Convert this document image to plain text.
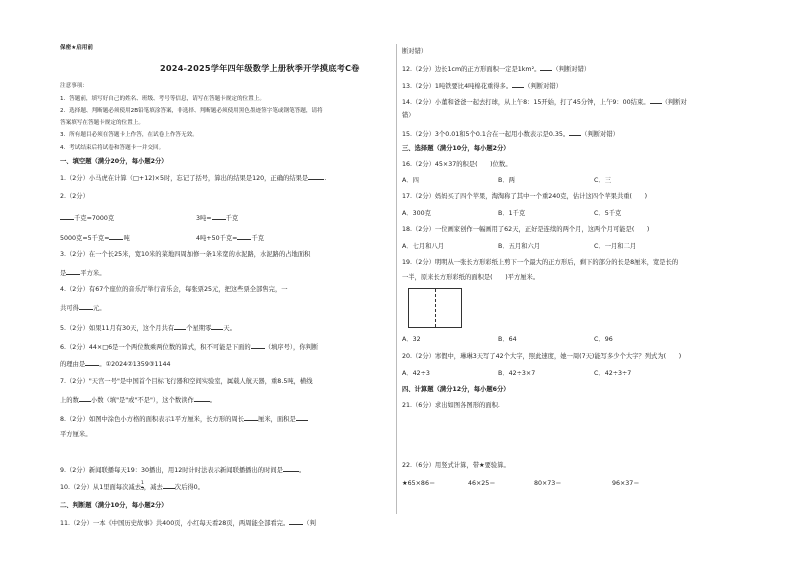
保密★启用前
2024-2025学年四年级数学上册秋季开学摸底考C卷
注意事项：
1．答题前，填写好自己的姓名、班级、考号等信息，请写在答题卡规定的位置上。
2．选择题、判断题必须使用2B铅笔填涂答案，非选择、判断题必须使用黑色墨迹签字笔或钢笔答题，请将
答案填写在答题卡规定的位置上。
3．所有题目必须在答题卡上作答，在试卷上作答无效。
4．考试结束后将试卷和答题卡一并交回。
一、填空题（满分20分，每小题2分）
1.（2分）小马虎在计算（□+12)×5时，忘记了括号，算出的结果是120，正确的结果是	.
2.（2分）
千克=7000克	3吨= 千克
5000克=5千克= 吨	4吨+50千克= 千克
3.（2分）在一个长25米，宽10米的菜地四周加修一条1米宽的水泥路，水泥路的占地面积
是 平方米。
4.（2分）有67个座位的音乐厅举行音乐会，每张票25元，把这些票全部售完，一
共可得 元。
5.（2分）如果11月有30天，这个月共有 个星期零 天。
6.（2分）44×□6是一个两位数乘两位数的算式，积不可能是下面的 （填序号），你判断
的理由是 。①2024②1359③1144
7.（2分）"天宫一号"是中国首个目标飞行器和空间实验室，属载人航天器，重8.5吨，横线
上的数 小数（填"是"或"不是"），这个数读作	。
8.（2分）如图中涂色小方格的面积表示1平方厘米，长方形的周长 厘米，面积是
平方厘米。
9.（2分）新闻联播每天19：30播出，用12时计时法表示新闻联播播出的时间是	。
10.（2分）从1里面每次减去 $\frac{1}{5}$ ，减去 次后得0。
二、判断题（满分10分，每小题2分）
11.（2分）一本《中国历史故事》共400页，小红每天看28页，两周能全部看完。 （判
断对错）
12.（2分）边长1cm的正方形面积一定是1km²。 （判断对错）
13.（2分）1吨铁要比4吨棉花重得多。 （判断对错）
14.（2分）小董和爸爸一起去打球，从上午8：15开始，打了45分钟，上午9：00结束。 （判断对
错）
15.（2分）3个0.01和5个0.1合在一起用小数表示是0.35。 （判断对错）
三、选择题（满分10分，每小题2分）
16.（2分）45×37的积是(　　)位数。
A．四	B．两	C．三
17.（2分）妈妈买了四个苹果，淘淘称了其中一个重240克，估计这四个苹果共重(　　)
A．300克	B．1千克	C．5千克
18.（2分）一位画家创作一幅画用了62天，正好是连续的两个月，这两个月可能是(　　)
A．七月和八月	B．五月和六月	C．一月和二月
19.（2分）明明从一张长方形彩纸上剪下一个最大的正方形后，剩下的部分的长是8厘米，宽是长的
一半，原来长方形彩纸的面积是(　　)平方厘米。
A．32	B．64	C．96
20.（2分）寒假中，琳琳3天写了42个大字，照此速度，她一周(7天)能写多少个大字？列式为(　　)
A．42÷3	B．42÷3×7	C．42÷3÷7
四、计算题（满分12分，每小题6分）
21.（6分）求出如图各图形的面积.
22.（6分）用竖式计算，带★要验算。
★65×86＝	46×25＝	80×73＝	96×37＝
